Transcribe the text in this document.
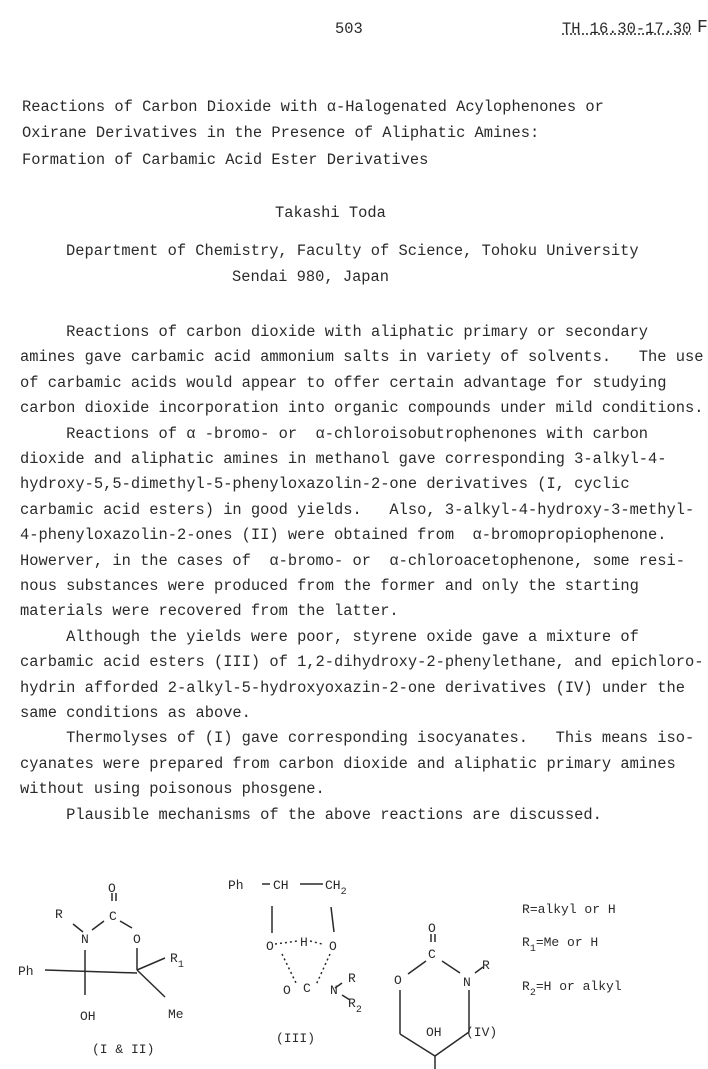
503	TH 16.30-17.30 F
Reactions of Carbon Dioxide with α-Halogenated Acylophenones or
Oxirane Derivatives in the Presence of Aliphatic Amines:
Formation of Carbamic Acid Ester Derivatives
Takashi Toda
Department of Chemistry, Faculty of Science, Tohoku University
Sendai 980, Japan
Reactions of carbon dioxide with aliphatic primary or secondary
amines gave carbamic acid ammonium salts in variety of solvents.   The use
of carbamic acids would appear to offer certain advantage for studying
carbon dioxide incorporation into organic compounds under mild conditions.
Reactions of α -bromo- or  α-chloroisobutrophenones with carbon
dioxide and aliphatic amines in methanol gave corresponding 3-alkyl-4-
hydroxy-5,5-dimethyl-5-phenyloxazolin-2-one derivatives (I, cyclic
carbamic acid esters) in good yields.   Also, 3-alkyl-4-hydroxy-3-methyl-
4-phenyloxazolin-2-ones (II) were obtained from  α-bromopropiophenone.
Howerver, in the cases of  α-bromo- or  α-chloroacetophenone, some resi-
nous substances were produced from the former and only the starting
materials were recovered from the latter.
Although the yields were poor, styrene oxide gave a mixture of
carbamic acid esters (III) of 1,2-dihydroxy-2-phenylethane, and epichloro-
hydrin afforded 2-alkyl-5-hydroxyoxazin-2-one derivatives (IV) under the
same conditions as above.
Thermolyses of (I) gave corresponding isocyanates.   This means iso-
cyanates were prepared from carbon dioxide and aliphatic primary amines
without using poisonous phosgene.
Plausible mechanisms of the above reactions are discussed.
O
R	C
N	O
$R_1$
Ph
OH	Me
(I & II)
Ph CH	$CH_2$
O H O
O C N
R
$R_2$
(III)
O
C
O	N
R
OH (IV)
R=alkyl or H
$R_1=Me$ or H
$R_2=H$ or alkyl
